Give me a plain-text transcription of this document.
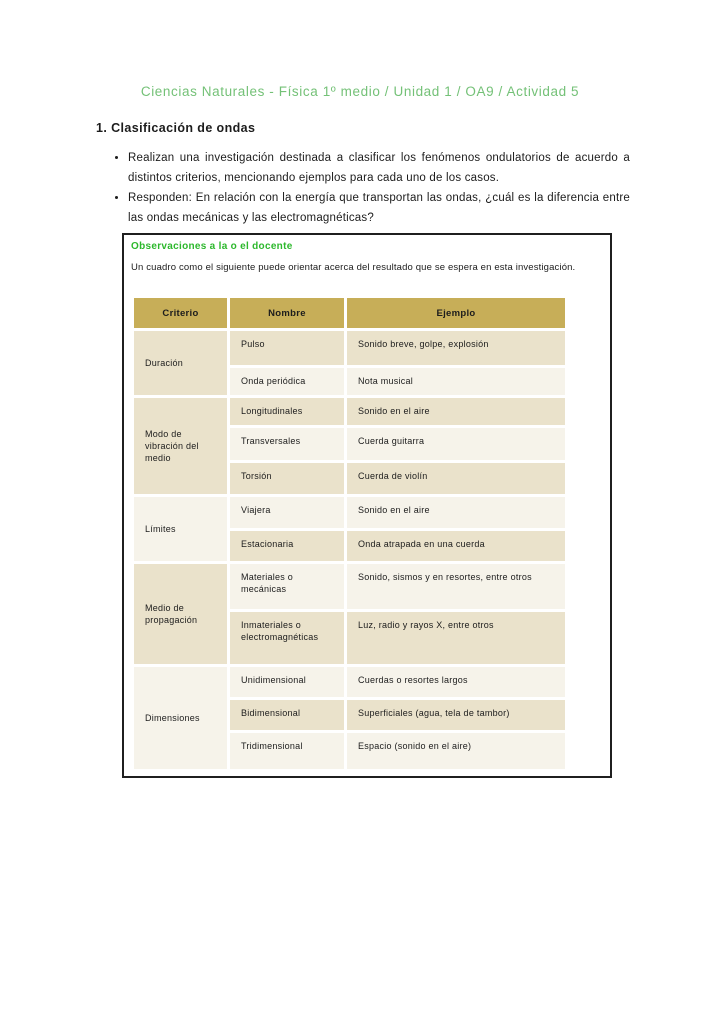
Ciencias Naturales - Física 1º medio / Unidad 1 / OA9 / Actividad 5
1. Clasificación de ondas
• Realizan una investigación destinada a clasificar los fenómenos ondulatorios de acuerdo a distintos criterios, mencionando ejemplos para cada uno de los casos.
• Responden: En relación con la energía que transportan las ondas, ¿cuál es la diferencia entre las ondas mecánicas y las electromagnéticas?
Observaciones a la o el docente
Un cuadro como el siguiente puede orientar acerca del resultado que se espera en esta investigación.
Criterio	Nombre	Ejemplo
Duración	Pulso	Sonido breve, golpe, explosión
	Onda periódica	Nota musical
Modo de vibración del medio	Longitudinales	Sonido en el aire
	Transversales	Cuerda guitarra
	Torsión	Cuerda de violín
Límites	Viajera	Sonido en el aire
	Estacionaria	Onda atrapada en una cuerda
Medio de propagación	Materiales o mecánicas	Sonido, sismos y en resortes, entre otros
	Inmateriales o electromagnéticas	Luz, radio y rayos X, entre otros
Dimensiones	Unidimensional	Cuerdas o resortes largos
	Bidimensional	Superficiales (agua, tela de tambor)
	Tridimensional	Espacio (sonido en el aire)
